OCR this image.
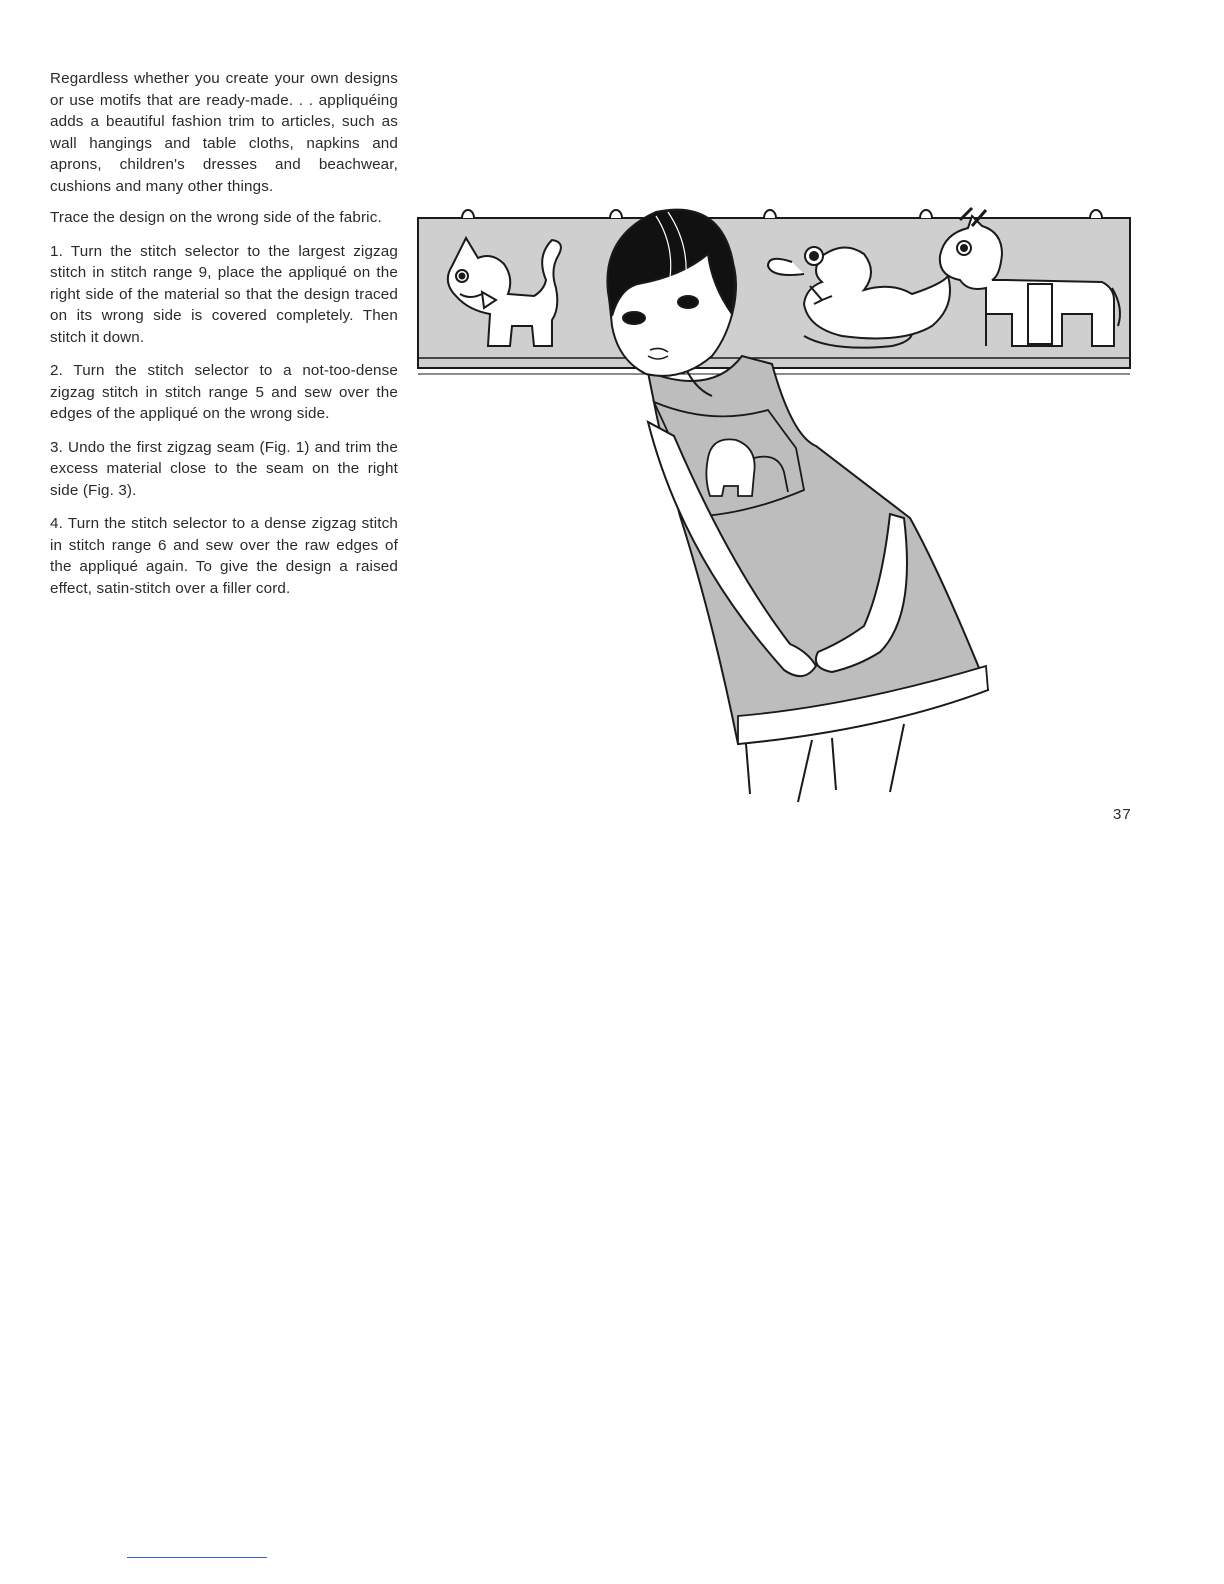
Regardless whether you create your own designs or use motifs that are ready-made. . . appliquéing adds a beautiful fashion trim to articles, such as wall hangings and table cloths, napkins and aprons, children's dresses and beachwear, cushions and many other things.

Trace the design on the wrong side of the fabric.

1. Turn the stitch selector to the largest zigzag stitch in stitch range 9, place the appliqué on the right side of the material so that the design traced on its wrong side is covered completely. Then stitch it down.

2. Turn the stitch selector to a not-too-dense zigzag stitch in stitch range 5 and sew over the edges of the appliqué on the wrong side.

3. Undo the first zigzag seam (Fig. 1) and trim the excess material close to the seam on the right side (Fig. 3).

4. Turn the stitch selector to a dense zigzag stitch in stitch range 6 and sew over the raw edges of the appliqué again. To give the design a raised effect, satin-stitch over a filler cord.

37
